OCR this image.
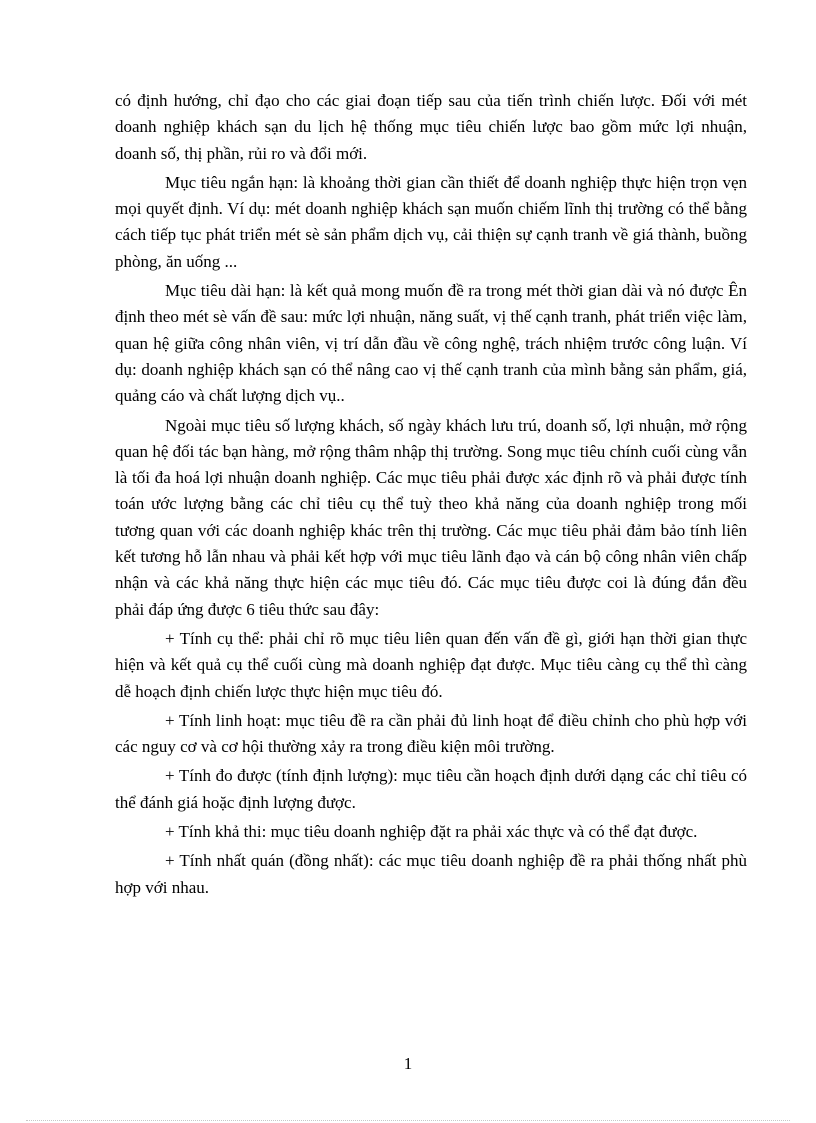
có định hướng, chỉ đạo cho các giai đoạn tiếp sau của tiến trình chiến lược. Đối với mét doanh nghiệp khách sạn du lịch hệ thống mục tiêu chiến lược bao gồm mức lợi nhuận, doanh số, thị phần, rủi ro và đổi mới.

Mục tiêu ngắn hạn: là khoảng thời gian cần thiết để doanh nghiệp thực hiện trọn vẹn mọi quyết định. Ví dụ: mét doanh nghiệp khách sạn muốn chiếm lĩnh thị trường có thể bằng cách tiếp tục phát triển mét sè sản phẩm dịch vụ, cải thiện sự cạnh tranh về giá thành, buồng phòng, ăn uống ...

Mục tiêu dài hạn: là kết quả mong muốn đề ra trong mét thời gian dài và nó được Ên định theo mét sè vấn đề sau: mức lợi nhuận, năng suất, vị thế cạnh tranh, phát triển việc làm, quan hệ giữa công nhân viên, vị trí dẫn đầu về công nghệ, trách nhiệm trước công luận. Ví dụ: doanh nghiệp khách sạn có thể nâng cao vị thế cạnh tranh của mình bằng sản phẩm, giá, quảng cáo và chất lượng dịch vụ..

Ngoài mục tiêu số lượng khách, số ngày khách lưu trú, doanh số, lợi nhuận, mở rộng quan hệ đối tác bạn hàng, mở rộng thâm nhập thị trường. Song mục tiêu chính cuối cùng vẫn là tối đa hoá lợi nhuận doanh nghiệp. Các mục tiêu phải được xác định rõ và phải được tính toán ước lượng bằng các chỉ tiêu cụ thể tuỳ theo khả năng của doanh nghiệp trong mối tương quan với các doanh nghiệp khác trên thị trường. Các mục tiêu phải đảm bảo tính liên kết tương hỗ lẫn nhau và phải kết hợp với mục tiêu lãnh đạo và cán bộ công nhân viên chấp nhận và các khả năng thực hiện các mục tiêu đó. Các mục tiêu được coi là đúng đắn đều phải đáp ứng được 6 tiêu thức sau đây:

+ Tính cụ thể: phải chỉ rõ mục tiêu liên quan đến vấn đề gì, giới hạn thời gian thực hiện và kết quả cụ thể cuối cùng mà doanh nghiệp đạt được. Mục tiêu càng cụ thể thì càng dễ hoạch định chiến lược thực hiện mục tiêu đó.

+ Tính linh hoạt: mục tiêu đề ra cần phải đủ linh hoạt để điều chỉnh cho phù hợp với các nguy cơ và cơ hội thường xảy ra trong điều kiện môi trường.

+ Tính đo được (tính định lượng): mục tiêu cần hoạch định dưới dạng các chỉ tiêu có thể đánh giá hoặc định lượng được.

+ Tính khả thi: mục tiêu doanh nghiệp đặt ra phải xác thực và có thể đạt được.

+ Tính nhất quán (đồng nhất): các mục tiêu doanh nghiệp đề ra phải thống nhất phù hợp với nhau.

1
